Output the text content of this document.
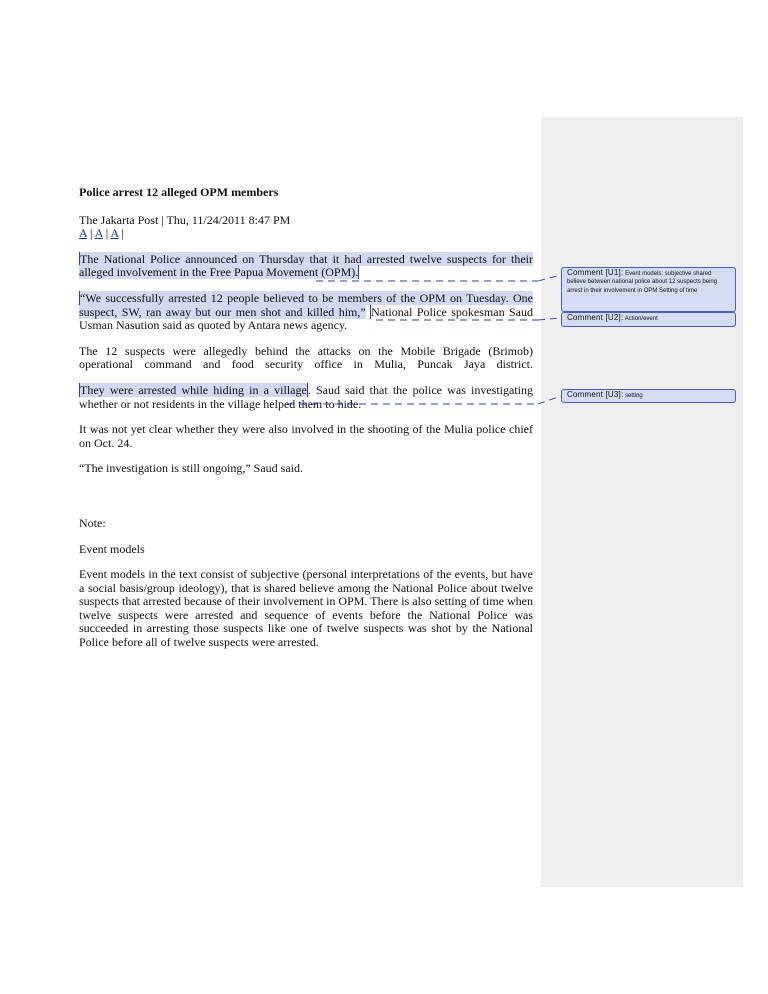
Police arrest 12 alleged OPM members

The Jakarta Post | Thu, 11/24/2011 8:47 PM

A | A | A |

The National Police announced on Thursday that it had arrested twelve suspects for their alleged involvement in the Free Papua Movement (OPM).

“We successfully arrested 12 people believed to be members of the OPM on Tuesday. One suspect, SW, ran away but our men shot and killed him,” National Police spokesman Saud Usman Nasution said as quoted by Antara news agency.

The 12 suspects were allegedly behind the attacks on the Mobile Brigade (Brimob) operational command and food security office in Mulia, Puncak Jaya district.

They were arrested while hiding in a village. Saud said that the police was investigating whether or not residents in the village helped them to hide.

It was not yet clear whether they were also involved in the shooting of the Mulia police chief on Oct. 24.

“The investigation is still ongoing,” Saud said.

Note:

Event models

Event models in the text consist of subjective (personal interpretations of the events, but have a social basis/group ideology), that is shared believe among the National Police about twelve suspects that arrested because of their involvement in OPM. There is also setting of time when twelve suspects were arrested and sequence of events before the National Police was succeeded in arresting those suspects like one of twelve suspects was shot by the National Police before all of twelve suspects were arrested.

Comment [U1]: Event models: subjective shared believe between national police about 12 suspects being arrest in their involvement in OPM Setting of time
Comment [U2]: Action/event
Comment [U3]: setting
